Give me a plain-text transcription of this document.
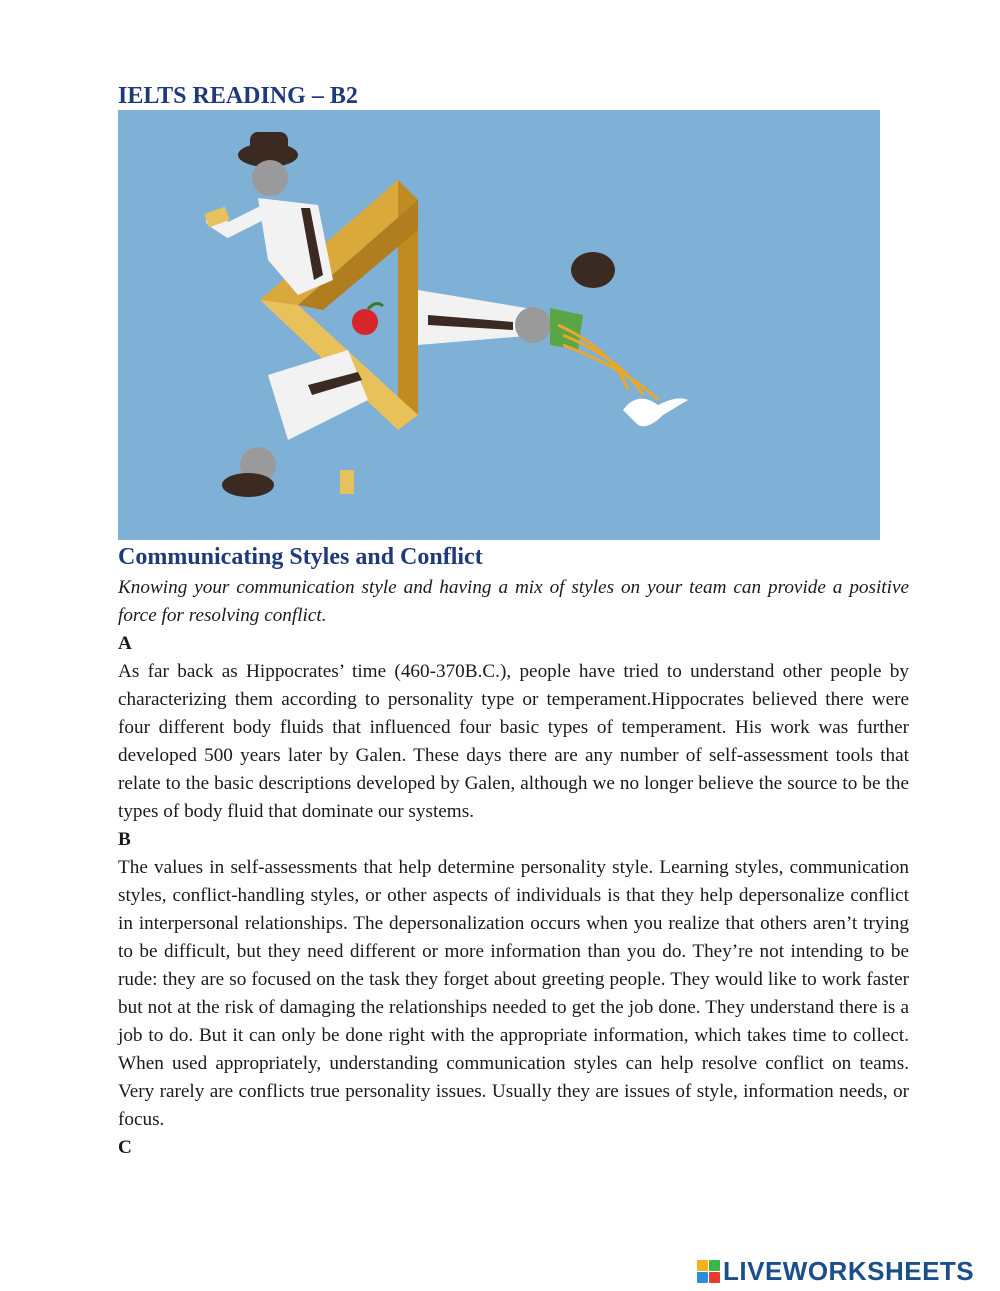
IELTS READING – B2
Communicating Styles and Conflict

Knowing your communication style and having a mix of styles on your team can provide a positive force for resolving conflict.

A

As far back as Hippocrates’ time (460-370B.C.), people have tried to understand other people by characterizing them according to personality type or temperament.Hippocrates believed there were four different body fluids that influenced four basic types of temperament. His work was further developed 500 years later by Galen. These days there are any number of self-assessment tools that relate to the basic descriptions developed by Galen, although we no longer believe the source to be the types of body fluid that dominate our systems.

B

The values in self-assessments that help determine personality style. Learning styles, communication styles, conflict-handling styles, or other aspects of individuals is that they help depersonalize conflict in interpersonal relationships. The depersonalization occurs when you realize that others aren’t trying to be difficult, but they need different or more information than you do. They’re not intending to be rude: they are so focused on the task they forget about greeting people. They would like to work faster but not at the risk of damaging the relationships needed to get the job done. They understand there is a job to do. But it can only be done right with the appropriate information, which takes time to collect. When used appropriately, understanding communication styles can help resolve conflict on teams. Very rarely are conflicts true personality issues. Usually they are issues of style, information needs, or focus.

C

LIVEWORKSHEETS
